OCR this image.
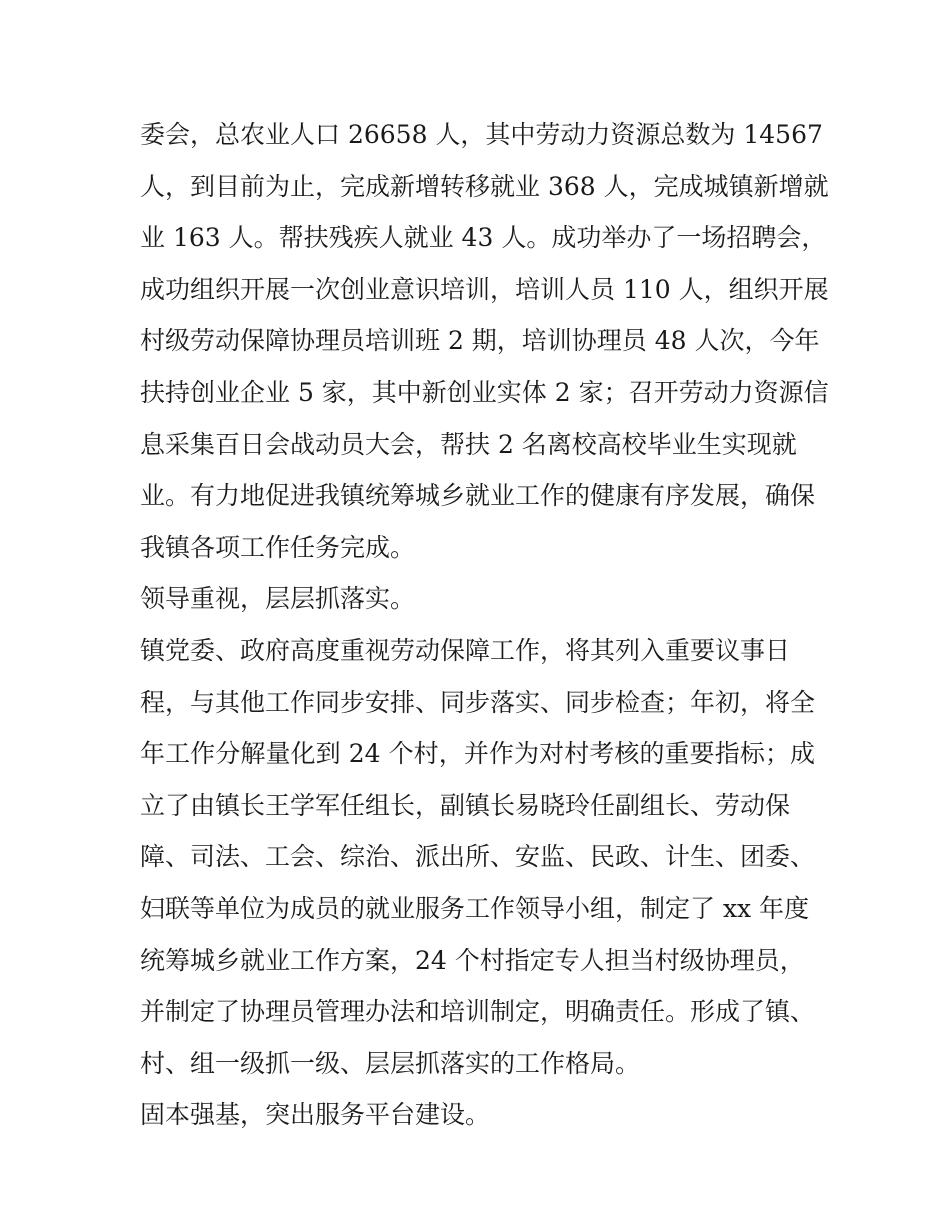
委会，总农业人口 26658 人，其中劳动力资源总数为 14567
人，到目前为止，完成新增转移就业 368 人，完成城镇新增就
业 163 人。帮扶残疾人就业 43 人。成功举办了一场招聘会，
成功组织开展一次创业意识培训，培训人员 110 人，组织开展
村级劳动保障协理员培训班 2 期，培训协理员 48 人次，今年
扶持创业企业 5 家，其中新创业实体 2 家；召开劳动力资源信
息采集百日会战动员大会，帮扶 2 名离校高校毕业生实现就
业。有力地促进我镇统筹城乡就业工作的健康有序发展，确保
我镇各项工作任务完成。
领导重视，层层抓落实。
镇党委、政府高度重视劳动保障工作，将其列入重要议事日
程，与其他工作同步安排、同步落实、同步检查；年初，将全
年工作分解量化到 24 个村，并作为对村考核的重要指标；成
立了由镇长王学军任组长，副镇长易晓玲任副组长、劳动保
障、司法、工会、综治、派出所、安监、民政、计生、团委、
妇联等单位为成员的就业服务工作领导小组，制定了 xx 年度
统筹城乡就业工作方案，24 个村指定专人担当村级协理员，
并制定了协理员管理办法和培训制定，明确责任。形成了镇、
村、组一级抓一级、层层抓落实的工作格局。
固本强基，突出服务平台建设。
